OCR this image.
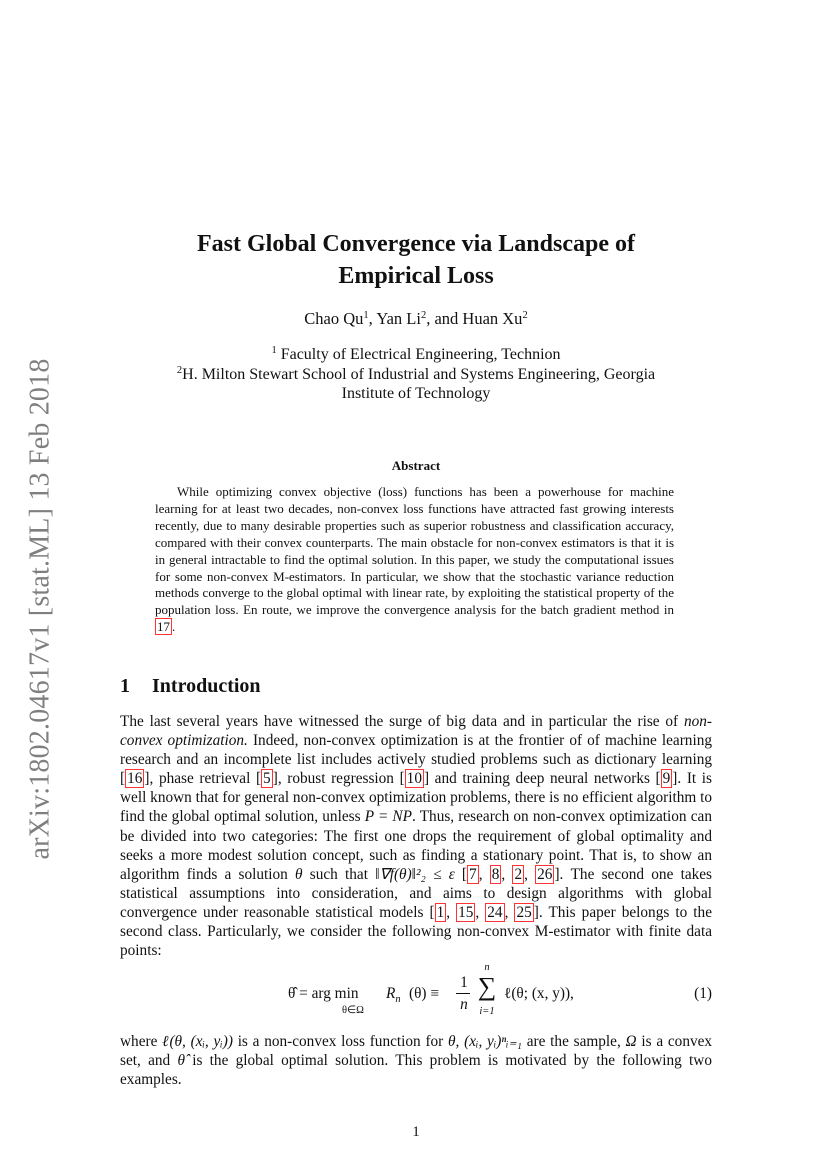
arXiv:1802.04617v1 [stat.ML] 13 Feb 2018
Fast Global Convergence via Landscape of
Empirical Loss
Chao Qu$^1$, Yan Li$^2$, and Huan Xu$^2$
$^1$ Faculty of Electrical Engineering, Technion
$^2$H. Milton Stewart School of Industrial and Systems Engineering, Georgia
Institute of Technology
Abstract
While optimizing convex objective (loss) functions has been a powerhouse for machine learning for at least two decades, non-convex loss functions have attracted fast growing interests recently, due to many desirable properties such as superior robustness and classification accuracy, compared with their convex counterparts. The main obstacle for non-convex estimators is that it is in general intractable to find the optimal solution. In this paper, we study the computational issues for some non-convex M-estimators. In particular, we show that the stochastic variance reduction methods converge to the global optimal with linear rate, by exploiting the statistical property of the population loss. En route, we improve the convergence analysis for the batch gradient method in 17 .
1 Introduction
The last several years have witnessed the surge of big data and in particular the rise of non-convex optimization. Indeed, non-convex optimization is at the frontier of of machine learning research and an incomplete list includes actively studied problems such as dictionary learning [ 16 ], phase retrieval [ 5 ], robust regression [ 10 ] and training deep neural networks [ 9 ]. It is well known that for general non-convex optimization problems, there is no efficient algorithm to find the global optimal solution, unless P = NP. Thus, research on non-convex optimization can be divided into two categories: The first one drops the requirement of global optimality and seeks a more modest solution concept, such as finding a stationary point. That is, to show an algorithm finds a solution θ such that ‖∇f(θ)‖²₂ ≤ ε [ 7 , 8 , 2 , 26 ]. The second one takes statistical assumptions into consideration, and aims to design algorithms with global convergence under reasonable statistical models [ 1 , 15 , 24 , 25 ]. This paper belongs to the second class. Particularly, we consider the following non-convex M-estimator with finite data points:
θ̂ = arg min
θ∈Ω
$R_n$ (θ) ≡
1
n
n
∑
i=1
ℓ(θ; (x, y)),	(1)
where ℓ(θ, (xᵢ, yᵢ)) is a non-convex loss function for θ, (xᵢ, yᵢ)ⁿᵢ₌₁ are the sample, Ω is a convex set, and θ̂ is the global optimal solution. This problem is motivated by the following two examples.
1
